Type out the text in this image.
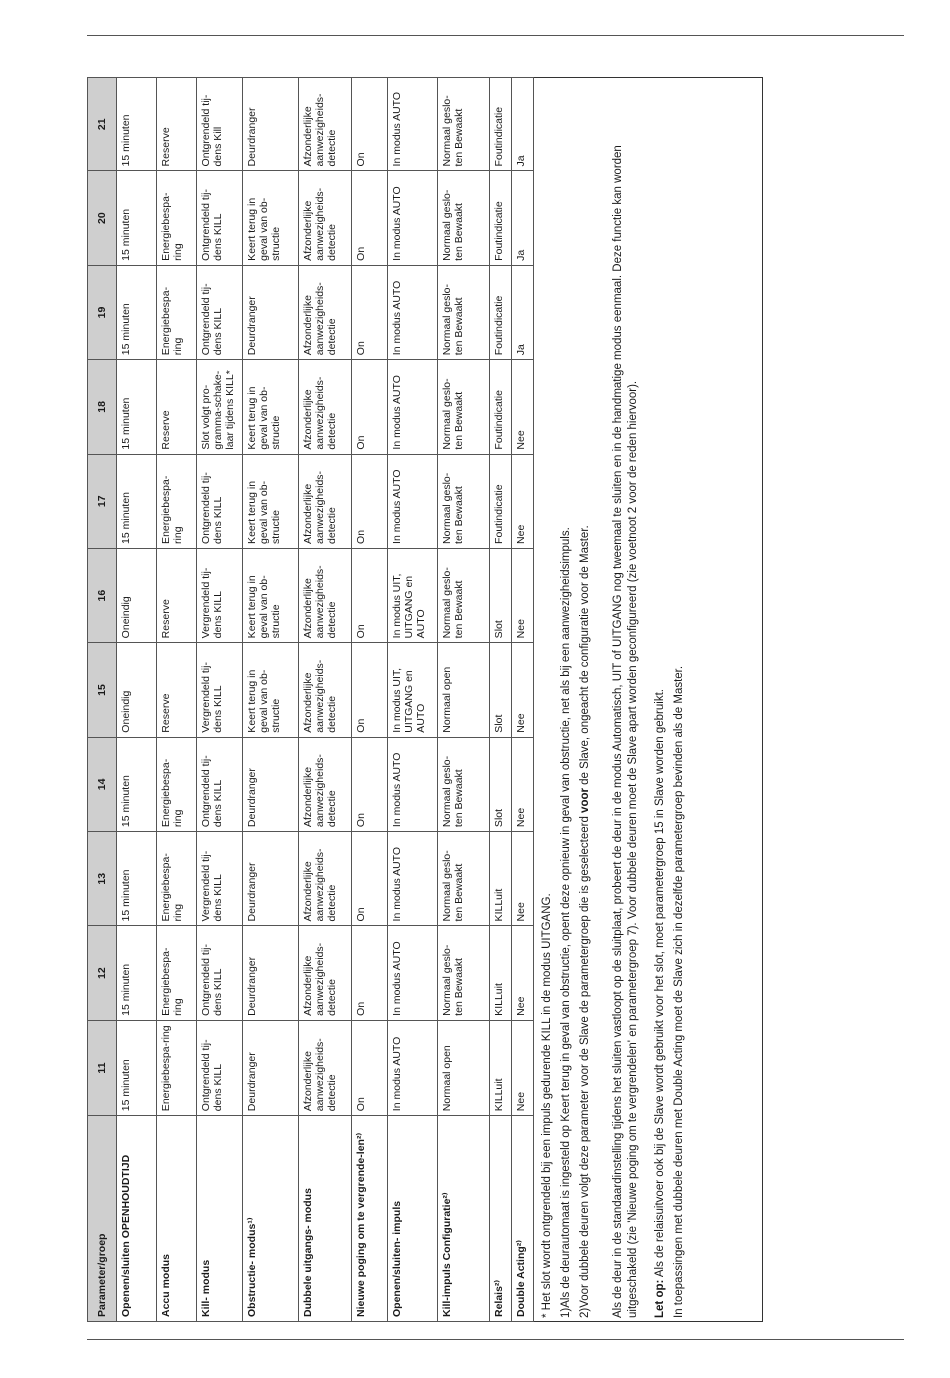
Parameter/groep	11	12	13	14	15	16	17	18	19	20	21
Openen/sluiten OPENHOUDTIJD	15 minuten	15 minuten	15 minuten	15 minuten	Oneindig	Oneindig	15 minuten	15 minuten	15 minuten	15 minuten	15 minuten
Accu modus	Energiebespa-ring	Energiebespa-ring	Energiebespa-ring	Energiebespa-ring	Reserve	Reserve	Energiebespa-ring	Reserve	Energiebespa-ring	Energiebespa-ring	Reserve
Kill- modus	Ontgrendeld tij-dens KILL	Ontgrendeld tij-dens KILL	Vergrendeld tij-dens KILL	Ontgrendeld tij-dens KILL	Vergrendeld tij-dens KILL	Vergrendeld tij-dens KILL	Ontgrendeld tij-dens KILL	Slot volgt pro-gramma-schake-laar tijdens KILL*	Ontgrendeld tij-dens KILL	Ontgrendeld tij-dens KILL	Ontgrendeld tij-dens Kill
Obstructie- modus¹⁾	Deurdranger	Deurdranger	Deurdranger	Deurdranger	Keert terug in geval van ob-structie	Keert terug in geval van ob-structie	Keert terug in geval van ob-structie	Keert terug in geval van ob-structie	Deurdranger	Keert terug in geval van ob-structie	Deurdranger
Dubbele uitgangs- modus	Afzonderlijke aanwezigheids-detectie	Afzonderlijke aanwezigheids-detectie	Afzonderlijke aanwezigheids-detectie	Afzonderlijke aanwezigheids-detectie	Afzonderlijke aanwezigheids-detectie	Afzonderlijke aanwezigheids-detectie	Afzonderlijke aanwezigheids-detectie	Afzonderlijke aanwezigheids-detectie	Afzonderlijke aanwezigheids-detectie	Afzonderlijke aanwezigheids-detectie	Afzonderlijke aanwezigheids-detectie
Nieuwe poging om te vergrende-len²⁾	On	On	On	On	On	On	On	On	On	On	On
Openen/sluiten- impuls	In modus AUTO	In modus AUTO	In modus AUTO	In modus AUTO	In modus UIT, UITGANG en AUTO	In modus UIT, UITGANG en AUTO	In modus AUTO	In modus AUTO	In modus AUTO	In modus AUTO	In modus AUTO
Kill-impuls Configuratie²⁾	Normaal open	Normaal geslo-ten Bewaakt	Normaal geslo-ten Bewaakt	Normaal geslo-ten Bewaakt	Normaal open	Normaal geslo-ten Bewaakt	Normaal geslo-ten Bewaakt	Normaal geslo-ten Bewaakt	Normaal geslo-ten Bewaakt	Normaal geslo-ten Bewaakt	Normaal geslo-ten Bewaakt
Relais²⁾	KILLuit	KILLuit	KILLuit	Slot	Slot	Slot	Foutindicatie	Foutindicatie	Foutindicatie	Foutindicatie	Foutindicatie
Double Acting²⁾	Nee	Nee	Nee	Nee	Nee	Nee	Nee	Nee	Ja	Ja	Ja

* Het slot wordt ontgrendeld bij een impuls gedurende KILL in de modus UITGANG. 1)Als de deurautomaat is ingesteld op Keert terug in geval van obstructie, opent deze opnieuw in geval van obstructie, net als bij een aanwezigheidsimpuls. 2)Voor dubbele deuren volgt deze parameter voor de Slave de parametergroep die is geselecteerd voor de Slave, ongeacht de configuratie voor de Master. Als de deur in de standaardinstelling tijdens het sluiten vastloopt op de sluitplaat, probeert de deur in de modus Automatisch, UIT of UITGANG nog tweemaal te sluiten en in de handmatige modus eenmaal. Deze functie kan worden uitgeschakeld (zie 'Nieuwe poging om te vergrendelen' en parametergroep 7). Voor dubbele deuren moet de Slave apart worden geconfigureerd (zie voetnoot 2 voor de reden hiervoor). Let op: Als de relaisuitvoer ook bij de Slave wordt gebruikt voor het slot, moet parametergroep 15 in Slave worden gebruikt. In toepassingen met dubbele deuren met Double Acting moet de Slave zich in dezelfde parametergroep bevinden als de Master.
